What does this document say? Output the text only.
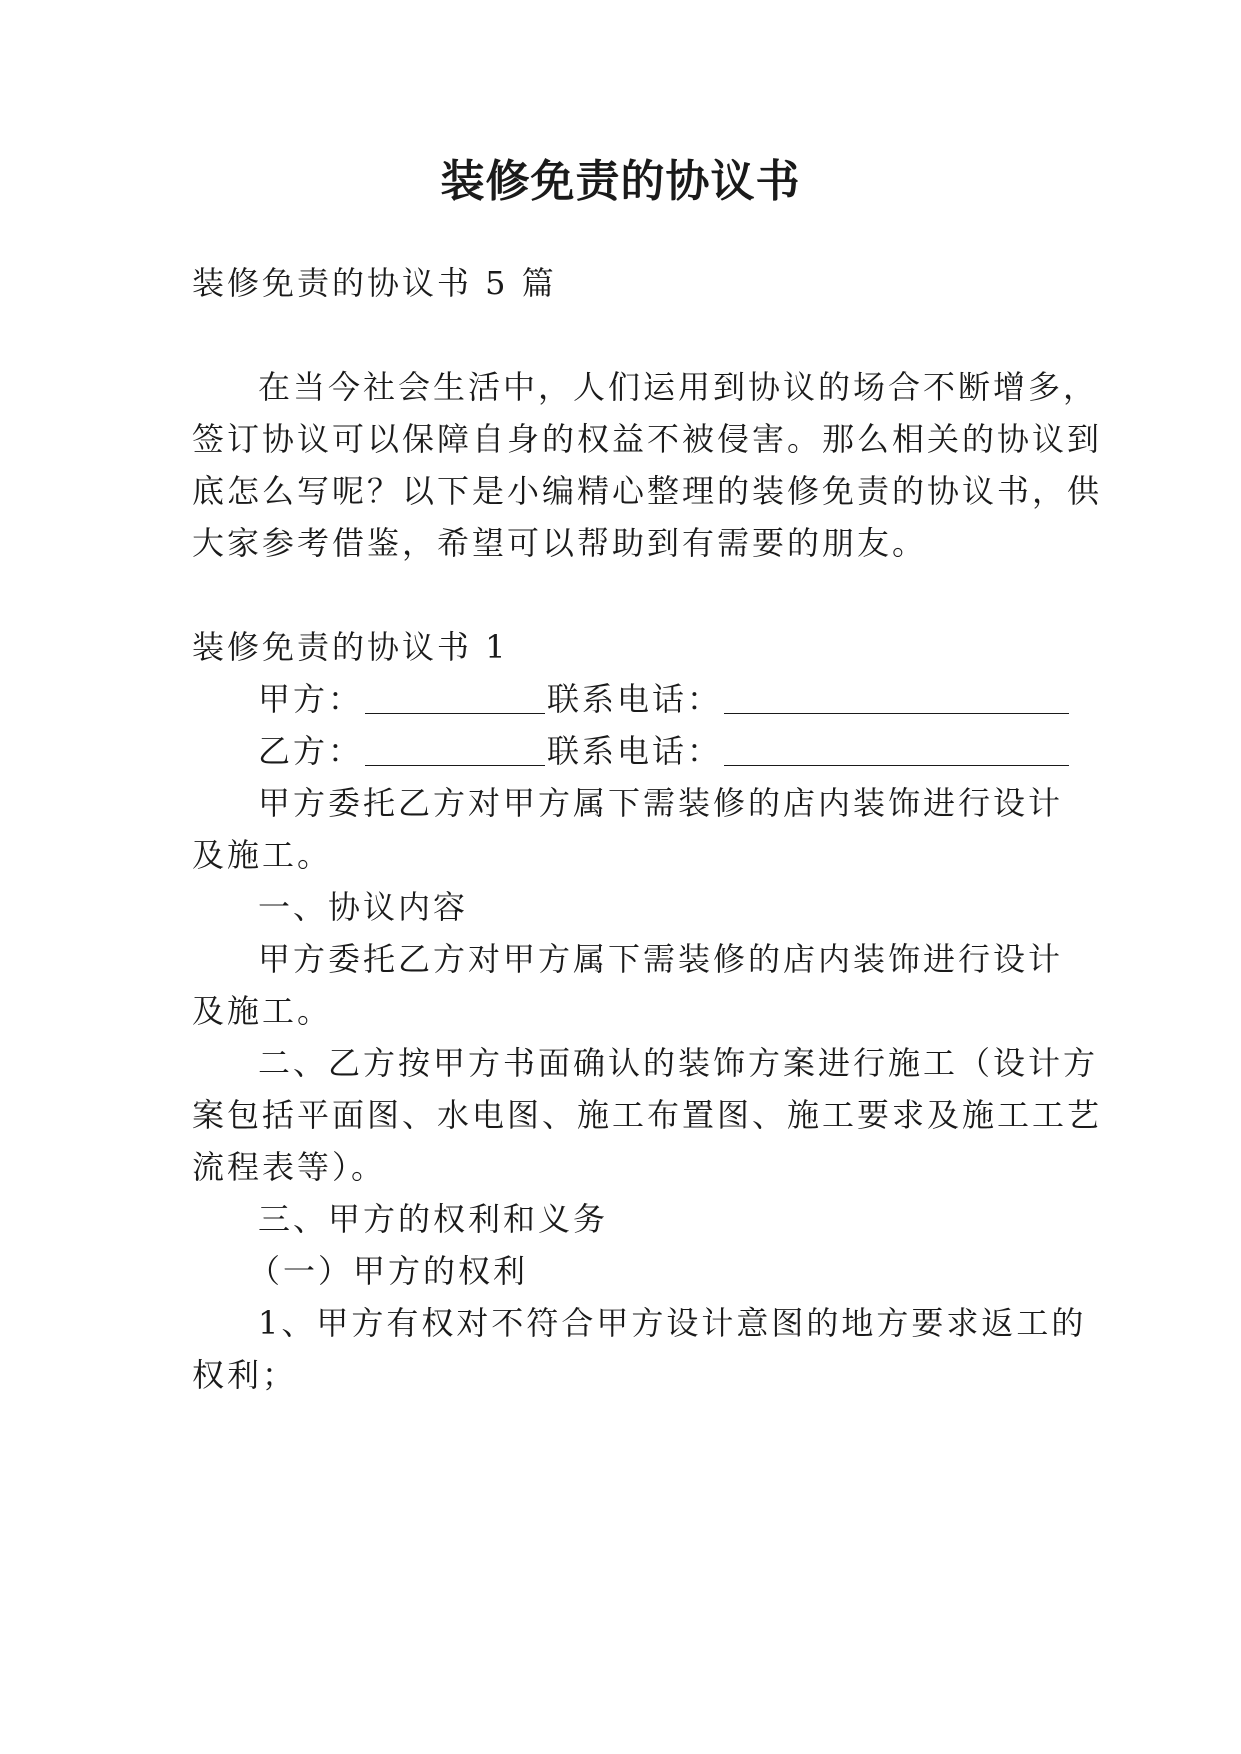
装修免责的协议书

装修免责的协议书 5 篇

在当今社会生活中，人们运用到协议的场合不断增多，

签订协议可以保障自身的权益不被侵害。那么相关的协议到

底怎么写呢？以下是小编精心整理的装修免责的协议书，供

大家参考借鉴，希望可以帮助到有需要的朋友。

装修免责的协议书 1

甲方：	联系电话：

乙方：	联系电话：

甲方委托乙方对甲方属下需装修的店内装饰进行设计

及施工。

一、协议内容

甲方委托乙方对甲方属下需装修的店内装饰进行设计

及施工。

二、乙方按甲方书面确认的装饰方案进行施工（设计方

案包括平面图、水电图、施工布置图、施工要求及施工工艺

流程表等）。

三、甲方的权利和义务

（一）甲方的权利

1、甲方有权对不符合甲方设计意图的地方要求返工的

权利；
